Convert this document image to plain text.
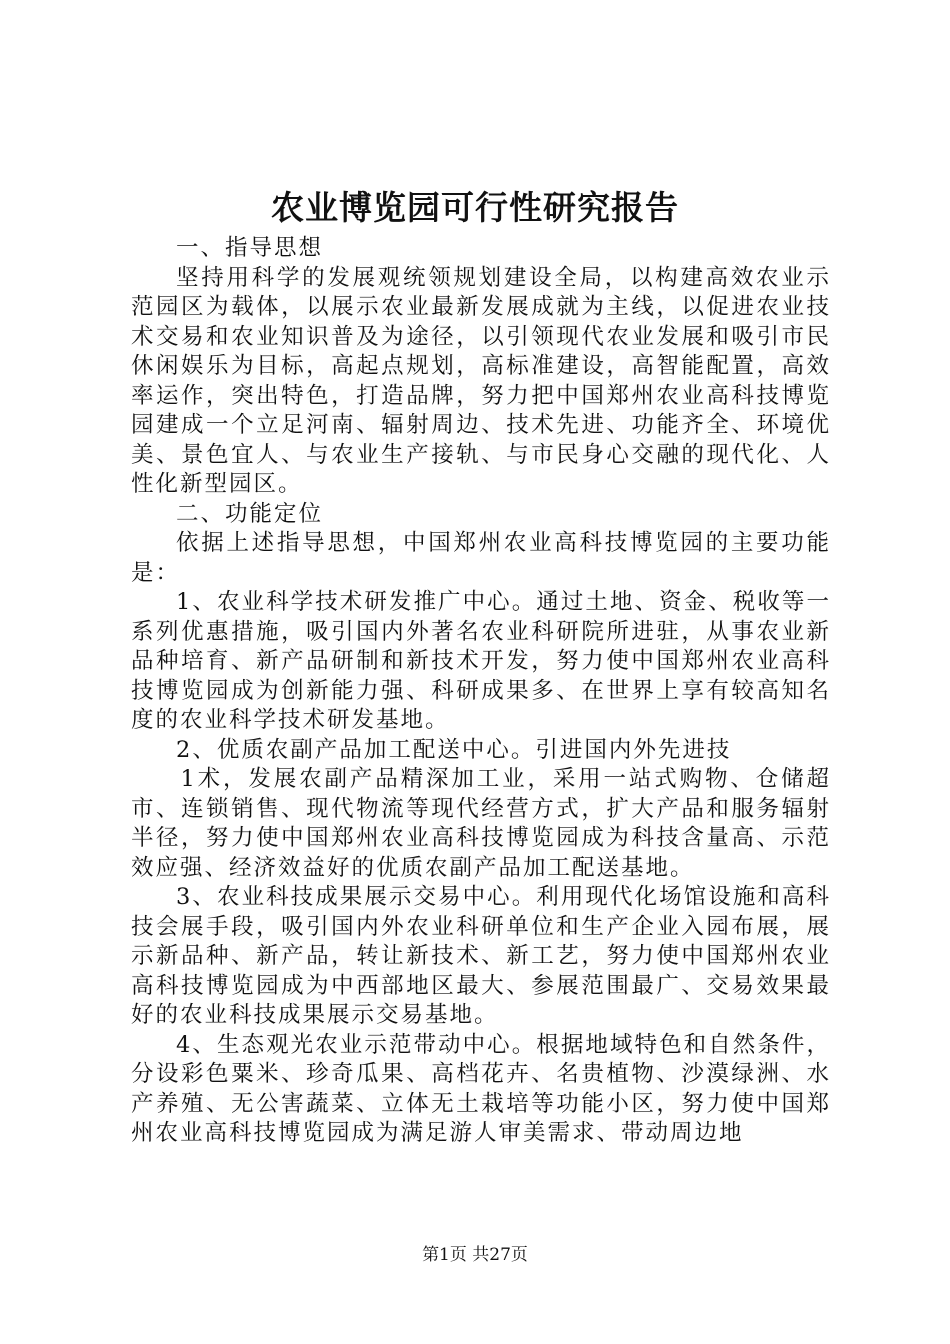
农业博览园可行性研究报告

一、指导思想

坚持用科学的发展观统领规划建设全局，以构建高效农业示范园区为载体，以展示农业最新发展成就为主线，以促进农业技术交易和农业知识普及为途径，以引领现代农业发展和吸引市民休闲娱乐为目标，高起点规划，高标准建设，高智能配置，高效率运作，突出特色，打造品牌，努力把中国郑州农业高科技博览园建成一个立足河南、辐射周边、技术先进、功能齐全、环境优美、景色宜人、与农业生产接轨、与市民身心交融的现代化、人性化新型园区。

二、功能定位

依据上述指导思想，中国郑州农业高科技博览园的主要功能是：

1、农业科学技术研发推广中心。通过土地、资金、税收等一系列优惠措施，吸引国内外著名农业科研院所进驻，从事农业新品种培育、新产品研制和新技术开发，努力使中国郑州农业高科技博览园成为创新能力强、科研成果多、在世界上享有较高知名度的农业科学技术研发基地。

2、优质农副产品加工配送中心。引进国内外先进技

1术，发展农副产品精深加工业，采用一站式购物、仓储超市、连锁销售、现代物流等现代经营方式，扩大产品和服务辐射半径，努力使中国郑州农业高科技博览园成为科技含量高、示范效应强、经济效益好的优质农副产品加工配送基地。

3、农业科技成果展示交易中心。利用现代化场馆设施和高科技会展手段，吸引国内外农业科研单位和生产企业入园布展，展示新品种、新产品，转让新技术、新工艺，努力使中国郑州农业高科技博览园成为中西部地区最大、参展范围最广、交易效果最好的农业科技成果展示交易基地。

4、生态观光农业示范带动中心。根据地域特色和自然条件，分设彩色粟米、珍奇瓜果、高档花卉、名贵植物、沙漠绿洲、水产养殖、无公害蔬菜、立体无土栽培等功能小区，努力使中国郑州农业高科技博览园成为满足游人审美需求、带动周边地

第1页 共27页
